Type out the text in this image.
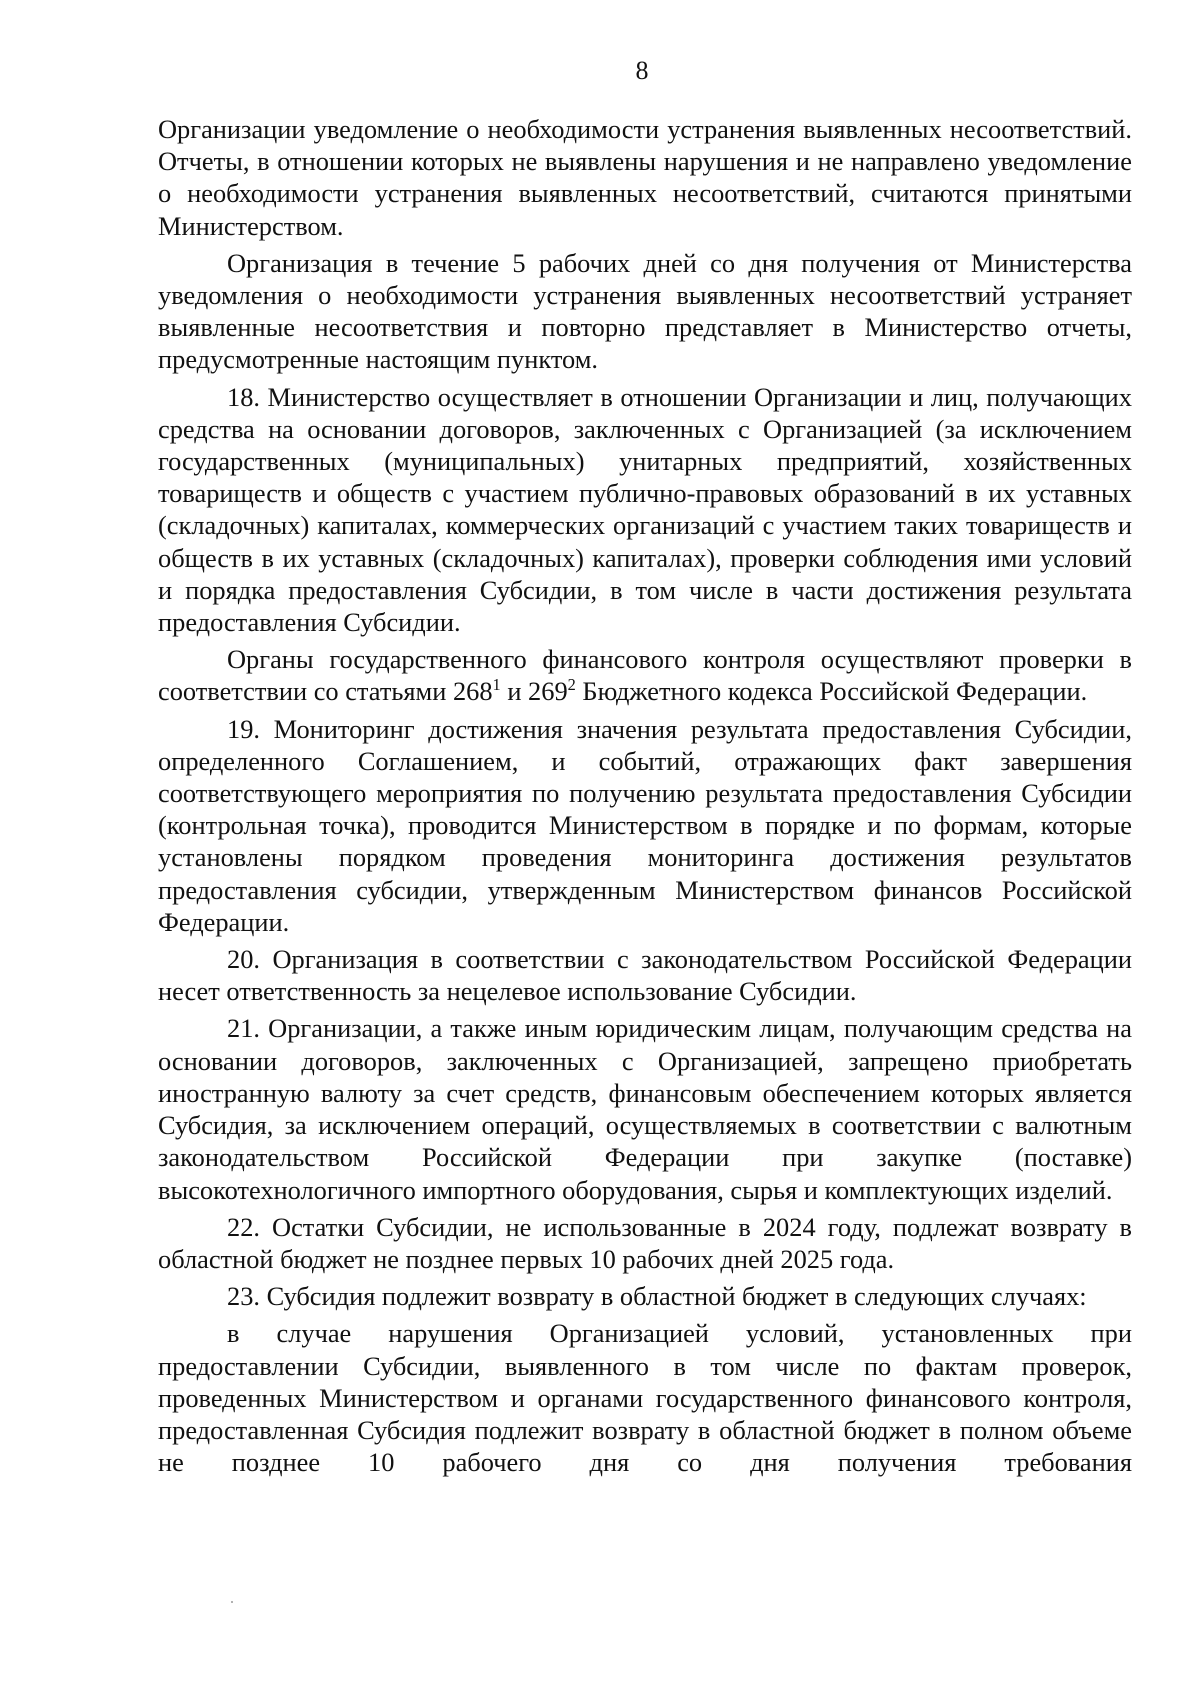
8

Организации уведомление о необходимости устранения выявленных несоответствий. Отчеты, в отношении которых не выявлены нарушения и не направлено уведомление о необходимости устранения выявленных несоответствий, считаются принятыми Министерством.

Организация в течение 5 рабочих дней со дня получения от Министерства уведомления о необходимости устранения выявленных несоответствий устраняет выявленные несоответствия и повторно представляет в Министерство отчеты, предусмотренные настоящим пунктом.

18. Министерство осуществляет в отношении Организации и лиц, получающих средства на основании договоров, заключенных с Организацией (за исключением государственных (муниципальных) унитарных предприятий, хозяйственных товариществ и обществ с участием публично-правовых образований в их уставных (складочных) капиталах, коммерческих организаций с участием таких товариществ и обществ в их уставных (складочных) капиталах), проверки соблюдения ими условий и порядка предоставления Субсидии, в том числе в части достижения результата предоставления Субсидии.

Органы государственного финансового контроля осуществляют проверки в соответствии со статьями $268^1$ и $269^2$ Бюджетного кодекса Российской Федерации.

19. Мониторинг достижения значения результата предоставления Субсидии, определенного Соглашением, и событий, отражающих факт завершения соответствующего мероприятия по получению результата предоставления Субсидии (контрольная точка), проводится Министерством в порядке и по формам, которые установлены порядком проведения мониторинга достижения результатов предоставления субсидии, утвержденным Министерством финансов Российской Федерации.

20. Организация в соответствии с законодательством Российской Федерации несет ответственность за нецелевое использование Субсидии.

21. Организации, а также иным юридическим лицам, получающим средства на основании договоров, заключенных с Организацией, запрещено приобретать иностранную валюту за счет средств, финансовым обеспечением которых является Субсидия, за исключением операций, осуществляемых в соответствии с валютным законодательством Российской Федерации при закупке (поставке) высокотехнологичного импортного оборудования, сырья и комплектующих изделий.

22. Остатки Субсидии, не использованные в 2024 году, подлежат возврату в областной бюджет не позднее первых 10 рабочих дней 2025 года.

23. Субсидия подлежит возврату в областной бюджет в следующих случаях:

в случае нарушения Организацией условий, установленных при предоставлении Субсидии, выявленного в том числе по фактам проверок, проведенных Министерством и органами государственного финансового контроля, предоставленная Субсидия подлежит возврату в областной бюджет в полном объеме не позднее 10 рабочего дня со дня получения требования
